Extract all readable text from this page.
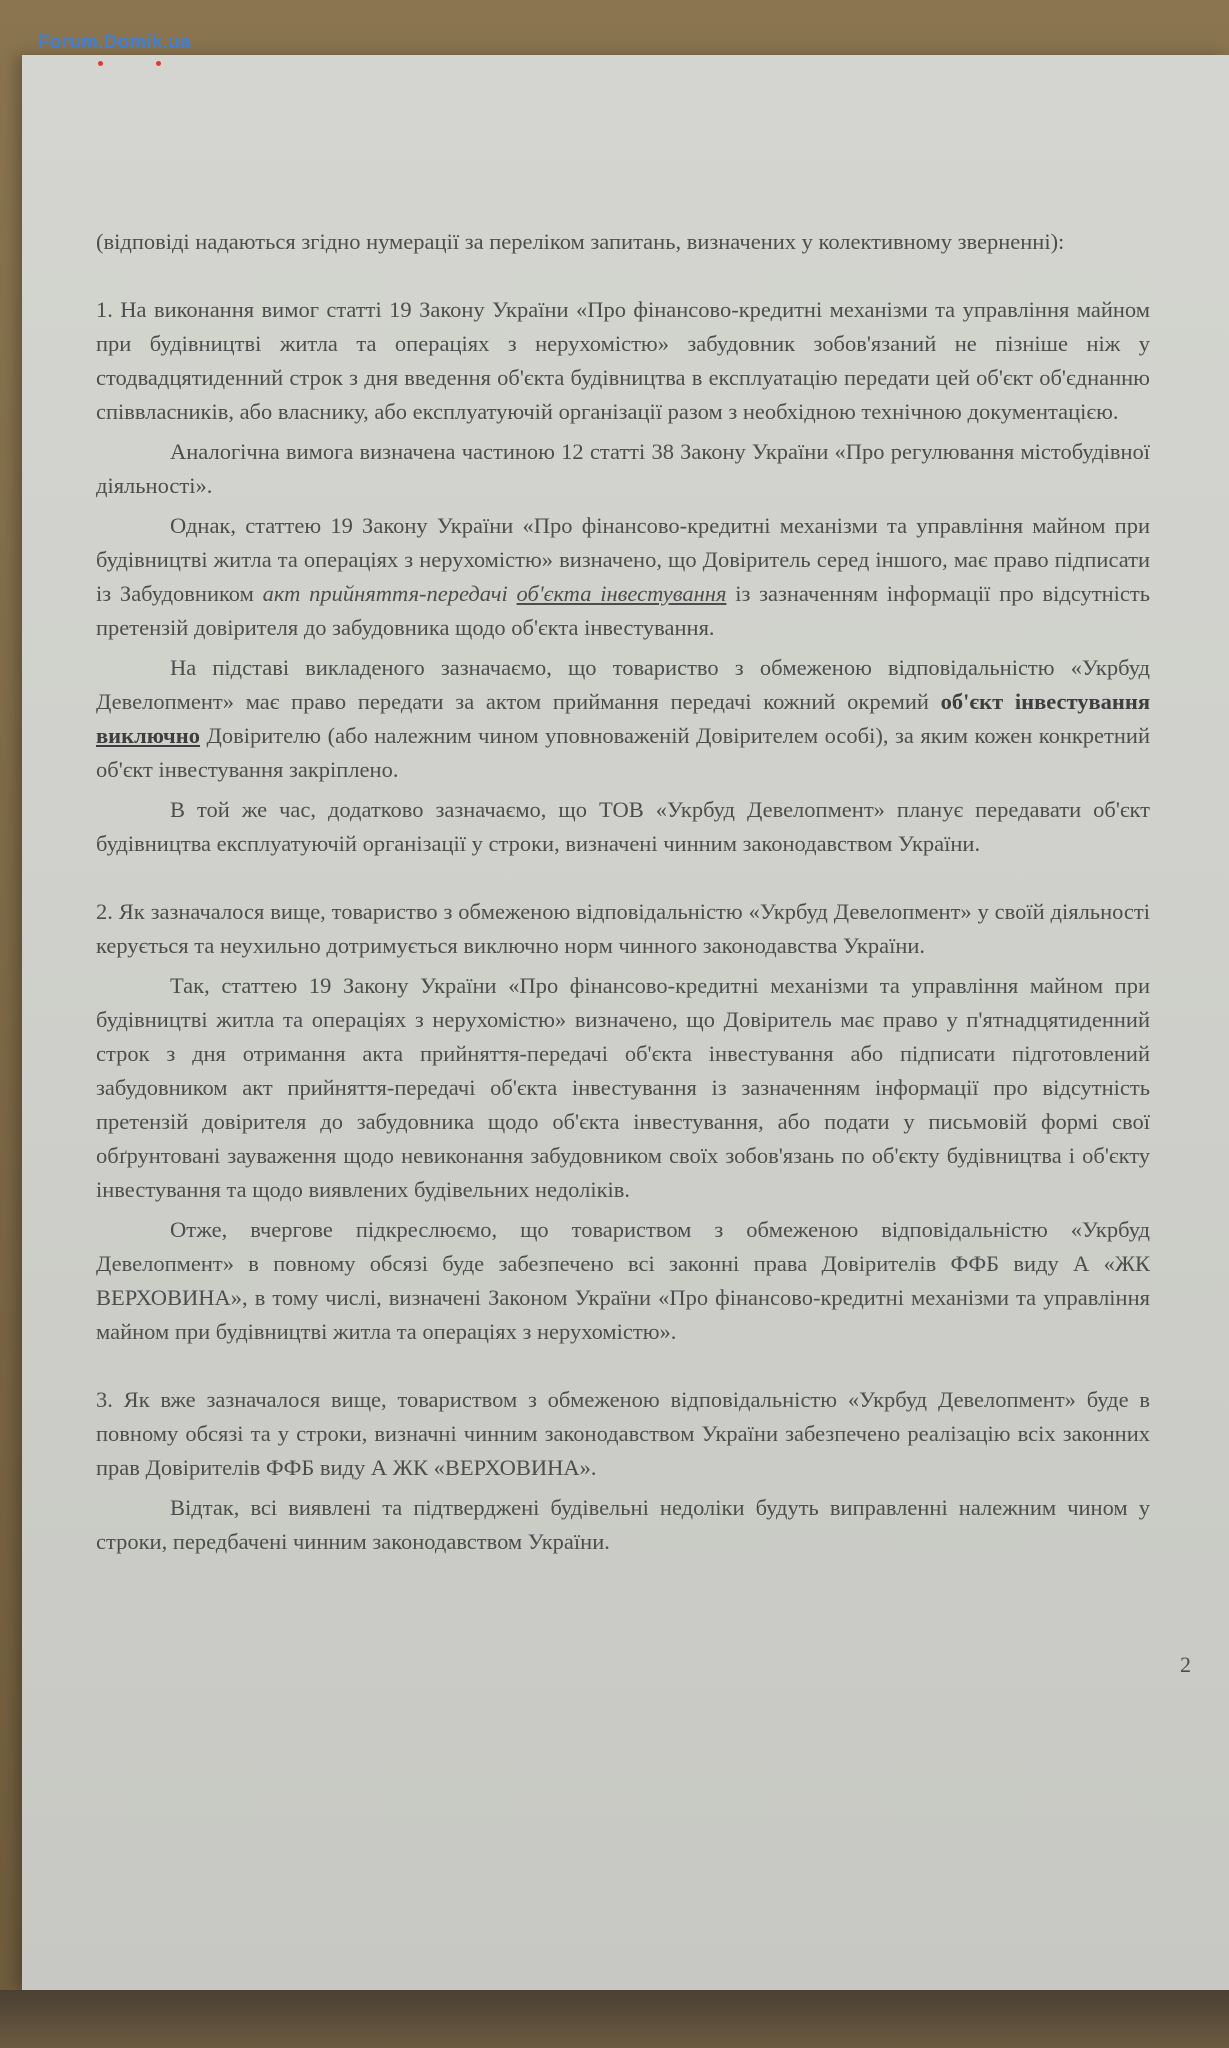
Forum.Domik.ua

(відповіді надаються згідно нумерації за переліком запитань, визначених у колективному зверненні):

1. На виконання вимог статті 19 Закону України «Про фінансово-кредитні механізми та управління майном при будівництві житла та операціях з нерухомістю» забудовник зобов'язаний не пізніше ніж у стодвадцятиденний строк з дня введення об'єкта будівництва в експлуатацію передати цей об'єкт об'єднанню співвласників, або власнику, або експлуатуючій організації разом з необхідною технічною документацією.

Аналогічна вимога визначена частиною 12 статті 38 Закону України «Про регулювання містобудівної діяльності».

Однак, статтею 19 Закону України «Про фінансово-кредитні механізми та управління майном при будівництві житла та операціях з нерухомістю» визначено, що Довіритель серед іншого, має право підписати із Забудовником акт прийняття-передачі об'єкта інвестування із зазначенням інформації про відсутність претензій довірителя до забудовника щодо об'єкта інвестування.

На підставі викладеного зазначаємо, що товариство з обмеженою відповідальністю «Укрбуд Девелопмент» має право передати за актом приймання передачі кожний окремий об'єкт інвестування виключно Довірителю (або належним чином уповноваженій Довірителем особі), за яким кожен конкретний об'єкт інвестування закріплено.

В той же час, додатково зазначаємо, що ТОВ «Укрбуд Девелопмент» планує передавати об'єкт будівництва експлуатуючій організації у строки, визначені чинним законодавством України.

2. Як зазначалося вище, товариство з обмеженою відповідальністю «Укрбуд Девелопмент» у своїй діяльності керується та неухильно дотримується виключно норм чинного законодавства України.

Так, статтею 19 Закону України «Про фінансово-кредитні механізми та управління майном при будівництві житла та операціях з нерухомістю» визначено, що Довіритель має право у п'ятнадцятиденний строк з дня отримання акта прийняття-передачі об'єкта інвестування або підписати підготовлений забудовником акт прийняття-передачі об'єкта інвестування із зазначенням інформації про відсутність претензій довірителя до забудовника щодо об'єкта інвестування, або подати у письмовій формі свої обґрунтовані зауваження щодо невиконання забудовником своїх зобов'язань по об'єкту будівництва і об'єкту інвестування та щодо виявлених будівельних недоліків.

Отже, вчергове підкреслюємо, що товариством з обмеженою відповідальністю «Укрбуд Девелопмент» в повному обсязі буде забезпечено всі законні права Довірителів ФФБ виду А «ЖК ВЕРХОВИНА», в тому числі, визначені Законом України «Про фінансово-кредитні механізми та управління майном при будівництві житла та операціях з нерухомістю».

3. Як вже зазначалося вище, товариством з обмеженою відповідальністю «Укрбуд Девелопмент» буде в повному обсязі та у строки, визначні чинним законодавством України забезпечено реалізацію всіх законних прав Довірителів ФФБ виду А ЖК «ВЕРХОВИНА».

Відтак, всі виявлені та підтверджені будівельні недоліки будуть виправленні належним чином у строки, передбачені чинним законодавством України.

2
